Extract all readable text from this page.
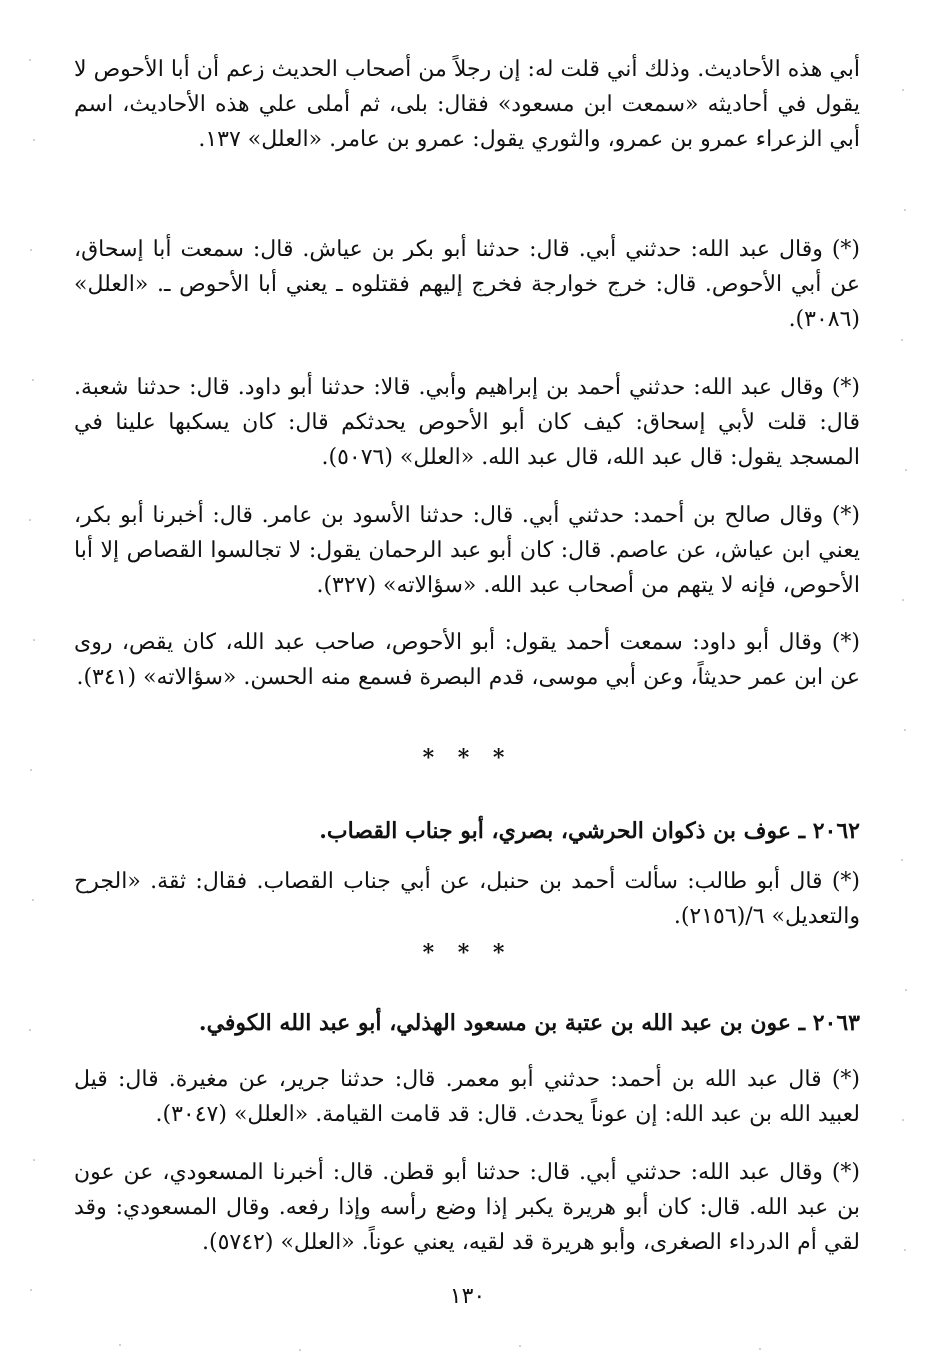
أبي هذه الأحاديث. وذلك أني قلت له: إن رجلاً من أصحاب الحديث زعم أن أبا الأحوص لا يقول في أحاديثه «سمعت ابن مسعود» فقال: بلى، ثم أملى علي هذه الأحاديث، اسم أبي الزعراء عمرو بن عمرو، والثوري يقول: عمرو بن عامر. «العلل» ١٣٧.

(*) وقال عبد الله: حدثني أبي. قال: حدثنا أبو بكر بن عياش. قال: سمعت أبا إسحاق، عن أبي الأحوص. قال: خرج خوارجة فخرج إليهم فقتلوه ـ يعني أبا الأحوص ـ. «العلل» (٣٠٨٦).

(*) وقال عبد الله: حدثني أحمد بن إبراهيم وأبي. قالا: حدثنا أبو داود. قال: حدثنا شعبة. قال: قلت لأبي إسحاق: كيف كان أبو الأحوص يحدثكم قال: كان يسكبها علينا في المسجد يقول: قال عبد الله، قال عبد الله. «العلل» (٥٠٧٦).

(*) وقال صالح بن أحمد: حدثني أبي. قال: حدثنا الأسود بن عامر. قال: أخبرنا أبو بكر، يعني ابن عياش، عن عاصم. قال: كان أبو عبد الرحمان يقول: لا تجالسوا القصاص إلا أبا الأحوص، فإنه لا يتهم من أصحاب عبد الله. «سؤالاته» (٣٢٧).

(*) وقال أبو داود: سمعت أحمد يقول: أبو الأحوص، صاحب عبد الله، كان يقص، روى عن ابن عمر حديثاً، وعن أبي موسى، قدم البصرة فسمع منه الحسن. «سؤالاته» (٣٤١).

* * *
٢٠٦٢ ـ عوف بن ذكوان الحرشي، بصري، أبو جناب القصاب.

(*) قال أبو طالب: سألت أحمد بن حنبل، عن أبي جناب القصاب. فقال: ثقة. «الجرح والتعديل» ٦/(٢١٥٦).

* * *
٢٠٦٣ ـ عون بن عبد الله بن عتبة بن مسعود الهذلي، أبو عبد الله الكوفي.

(*) قال عبد الله بن أحمد: حدثني أبو معمر. قال: حدثنا جرير، عن مغيرة. قال: قيل لعبيد الله بن عبد الله: إن عوناً يحدث. قال: قد قامت القيامة. «العلل» (٣٠٤٧).

(*) وقال عبد الله: حدثني أبي. قال: حدثنا أبو قطن. قال: أخبرنا المسعودي، عن عون بن عبد الله. قال: كان أبو هريرة يكبر إذا وضع رأسه وإذا رفعه. وقال المسعودي: وقد لقي أم الدرداء الصغرى، وأبو هريرة قد لقيه، يعني عوناً. «العلل» (٥٧٤٢).

١٣٠
